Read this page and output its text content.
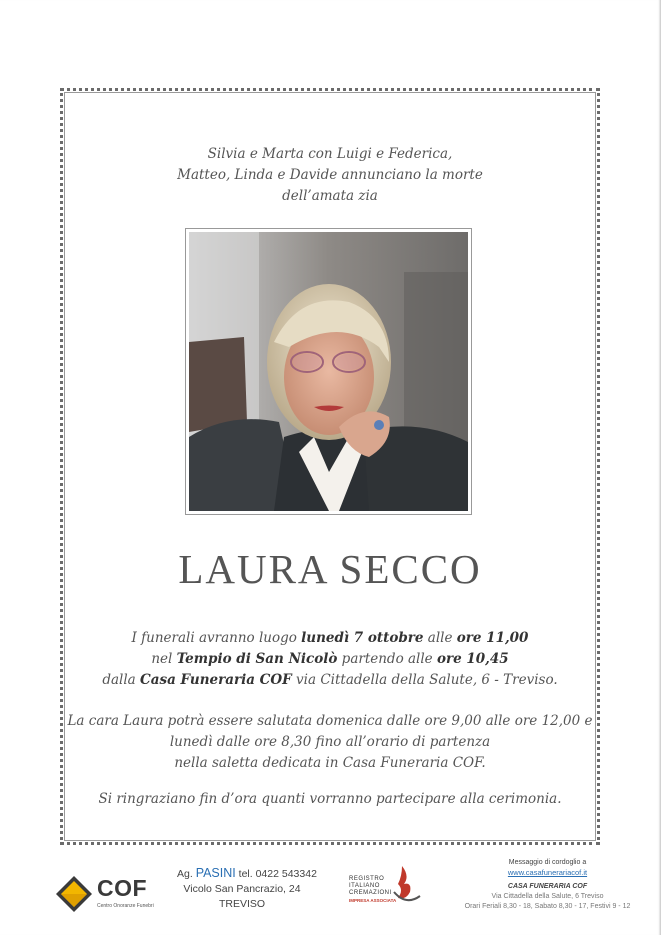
Silvia e Marta con Luigi e Federica,
Matteo, Linda e Davide annunciano la morte
dell’amata zia
LAURA SECCO
I funerali avranno luogo lunedì 7 ottobre alle ore 11,00
nel Tempio di San Nicolò partendo alle ore 10,45
dalla Casa Funeraria COF via Cittadella della Salute, 6 - Treviso.
La cara Laura potrà essere salutata domenica dalle ore 9,00 alle ore 12,00 e
lunedì dalle ore 8,30 fino all’orario di partenza
nella saletta dedicata in Casa Funeraria COF.
Si ringraziano fin d’ora quanti vorranno partecipare alla cerimonia.
COF
Centro Onoranze Funebri
Ag. PASINI tel. 0422 543342
Vicolo San Pancrazio, 24
TREVISO
REGISTRO
ITALIANO
CREMAZIONI
IMPRESA ASSOCIATA
Messaggio di cordoglio a
www.casafunerariacof.it
CASA FUNERARIA COF
Via Cittadella della Salute, 6 Treviso
Orari Feriali 8,30 - 18, Sabato 8,30 - 17, Festivi 9 - 12
